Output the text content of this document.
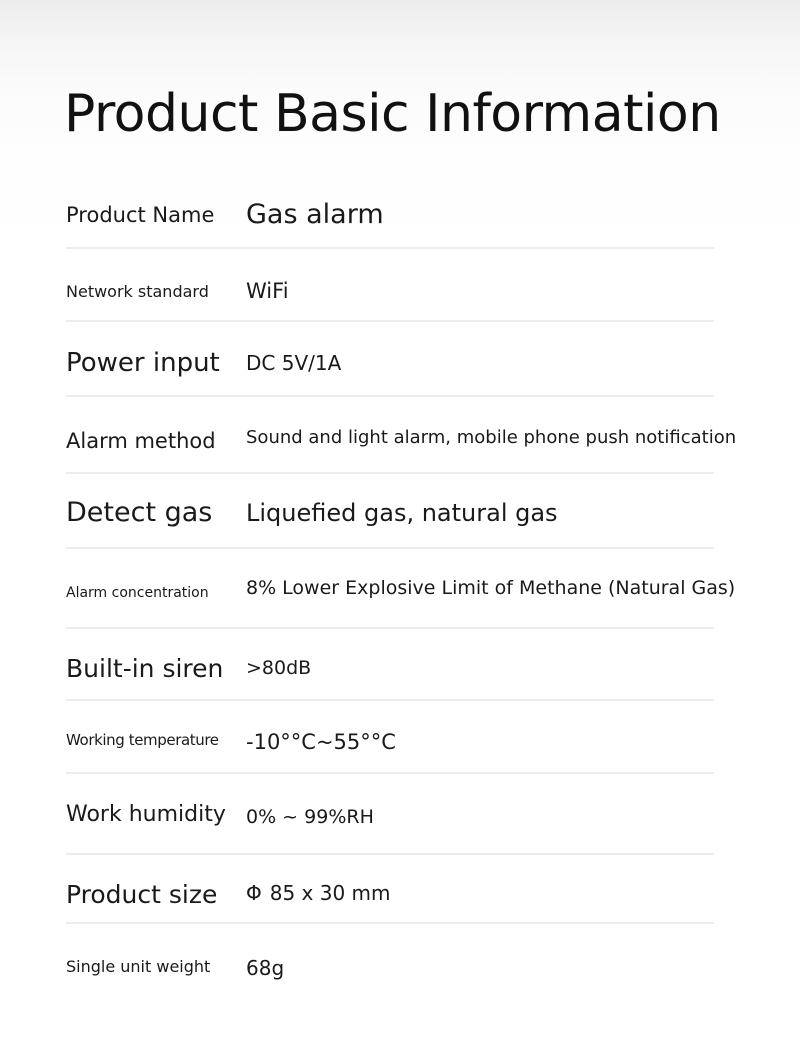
Product Basic Information
Product Name Gas alarm
Network standard WiFi
Power input DC 5V/1A
Alarm method Sound and light alarm, mobile phone push notification
Detect gas Liquefied gas, natural gas
Alarm concentration 8% Lower Explosive Limit of Methane (Natural Gas)
Built-in siren >80dB
Working temperature -10°°C~55°°C
Work humidity 0% ~ 99%RH
Product size Φ 85 x 30 mm
Single unit weight 68g
